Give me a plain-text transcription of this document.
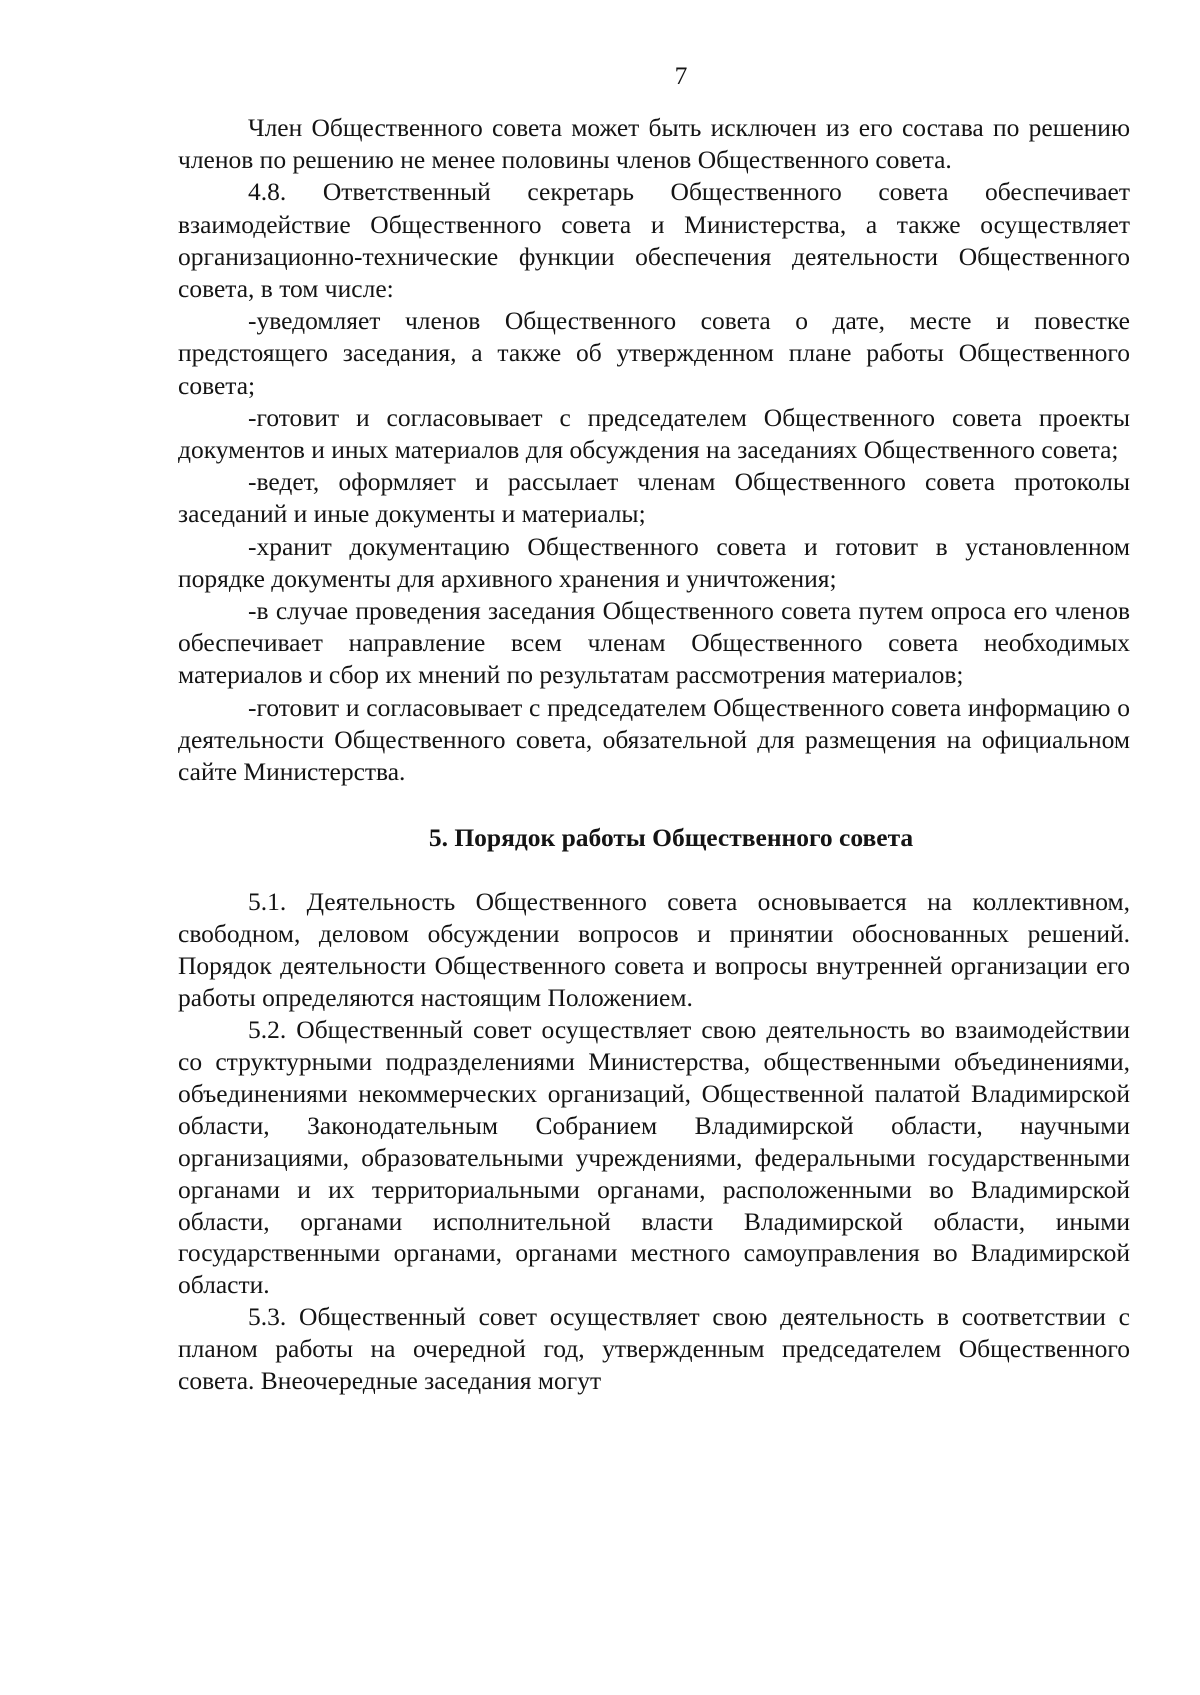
7

Член Общественного совета может быть исключен из его состава по решению членов по решению не менее половины членов Общественного совета.

4.8. Ответственный секретарь Общественного совета обеспечивает взаимодействие Общественного совета и Министерства, а также осуществляет организационно-технические функции обеспечения деятельности Общественного совета, в том числе:

-уведомляет членов Общественного совета о дате, месте и повестке предстоящего заседания, а также об утвержденном плане работы Общественного совета;

-готовит и согласовывает с председателем Общественного совета проекты документов и иных материалов для обсуждения на заседаниях Общественного совета;

-ведет, оформляет и рассылает членам Общественного совета протоколы заседаний и иные документы и материалы;

-хранит документацию Общественного совета и готовит в установленном порядке документы для архивного хранения и уничтожения;

-в случае проведения заседания Общественного совета путем опроса его членов обеспечивает направление всем членам Общественного совета необходимых материалов и сбор их мнений по результатам рассмотрения материалов;

-готовит и согласовывает с председателем Общественного совета информацию о деятельности Общественного совета, обязательной для размещения на официальном сайте Министерства.

5. Порядок работы Общественного совета

5.1. Деятельность Общественного совета основывается на коллективном, свободном, деловом обсуждении вопросов и принятии обоснованных решений. Порядок деятельности Общественного совета и вопросы внутренней организации его работы определяются настоящим Положением.

5.2. Общественный совет осуществляет свою деятельность во взаимодействии со структурными подразделениями Министерства, общественными объединениями, объединениями некоммерческих организаций, Общественной палатой Владимирской области, Законодательным Собранием Владимирской области, научными организациями, образовательными учреждениями, федеральными государственными органами и их территориальными органами, расположенными во Владимирской области, органами исполнительной власти Владимирской области, иными государственными органами, органами местного самоуправления во Владимирской области.

5.3. Общественный совет осуществляет свою деятельность в соответствии с планом работы на очередной год, утвержденным председателем Общественного совета. Внеочередные заседания могут
